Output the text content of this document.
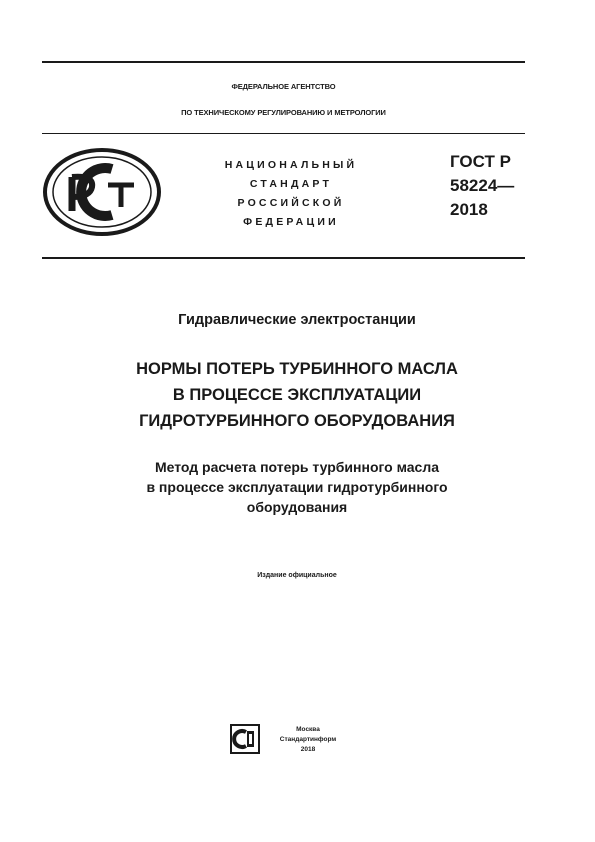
ФЕДЕРАЛЬНОЕ АГЕНТСТВО
ПО ТЕХНИЧЕСКОМУ РЕГУЛИРОВАНИЮ И МЕТРОЛОГИИ
НАЦИОНАЛЬНЫЙ
СТАНДАРТ
РОССИЙСКОЙ
ФЕДЕРАЦИИ
ГОСТ Р
58224—
2018
Гидравлические электростанции
НОРМЫ ПОТЕРЬ ТУРБИННОГО МАСЛА
В ПРОЦЕССЕ ЭКСПЛУАТАЦИИ
ГИДРОТУРБИННОГО ОБОРУДОВАНИЯ
Метод расчета потерь турбинного масла
в процессе эксплуатации гидротурбинного
оборудования
Издание официальное
Москва
Стандартинформ
2018
